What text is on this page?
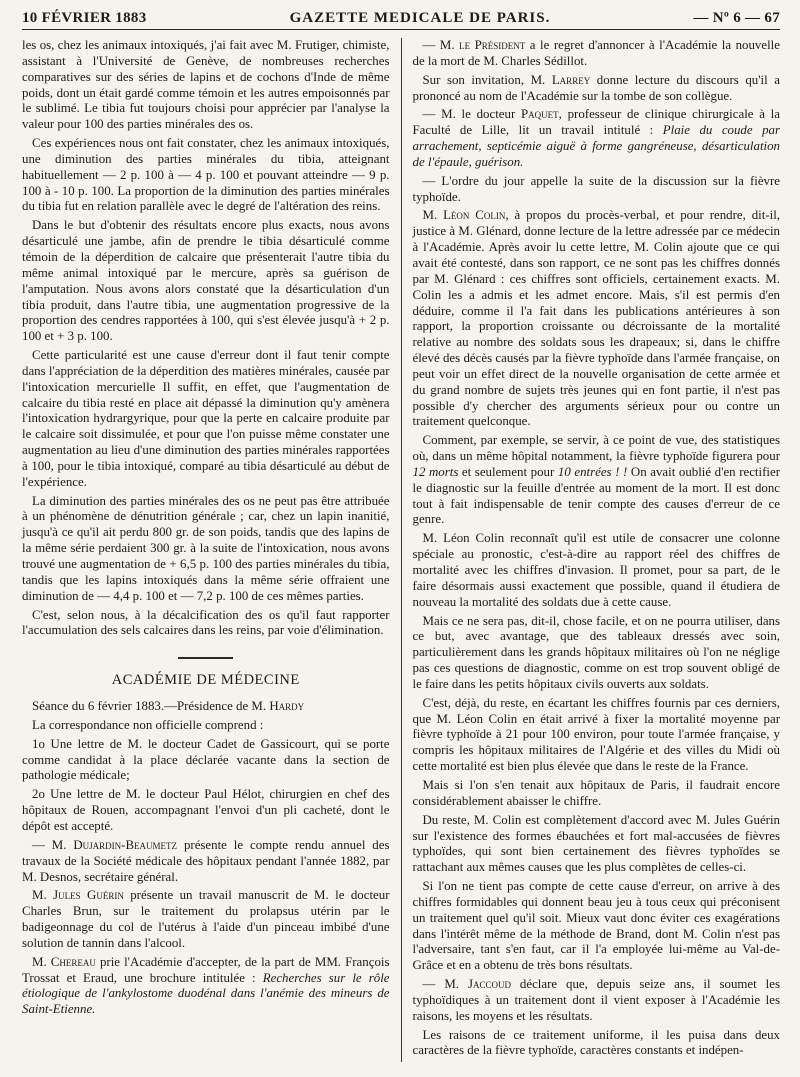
10 FÉVRIER 1883	GAZETTE MEDICALE DE PARIS.	— Nº 6 — 67

les os, chez les animaux intoxiqués, j'ai fait avec M. Frutiger, chimiste, assistant à l'Université de Genève, de nombreuses recherches comparatives sur des séries de lapins et de cochons d'Inde de même poids, dont un était gardé comme témoin et les autres empoisonnés par le sublimé. Le tibia fut toujours choisi pour apprécier par l'analyse la valeur pour 100 des parties minérales des os.

Ces expériences nous ont fait constater, chez les animaux intoxiqués, une diminution des parties minérales du tibia, atteignant habituellement — 2 p. 100 à — 4 p. 100 et pouvant atteindre — 9 p. 100 à - 10 p. 100. La proportion de la diminution des parties minérales du tibia fut en relation parallèle avec le degré de l'altération des reins.

Dans le but d'obtenir des résultats encore plus exacts, nous avons désarticulé une jambe, afin de prendre le tibia désarticulé comme témoin de la déperdition de calcaire que présenterait l'autre tibia du même animal intoxiqué par le mercure, après sa guérison de l'amputation. Nous avons alors constaté que la désarticulation d'un tibia produit, dans l'autre tibia, une augmentation progressive de la proportion des cendres rapportées à 100, qui s'est élevée jusqu'à + 2 p. 100 et + 3 p. 100.

Cette particularité est une cause d'erreur dont il faut tenir compte dans l'appréciation de la déperdition des matières minérales, causée par l'intoxication mercurielle Il suffit, en effet, que l'augmentation de calcaire du tibia resté en place ait dépassé la diminution qu'y amènera l'intoxication hydrargyrique, pour que la perte en calcaire produite par le calcaire soit dissimulée, et pour que l'on puisse même constater une augmentation au lieu d'une diminution des parties minérales rapportées à 100, pour le tibia intoxiqué, comparé au tibia désarticulé au début de l'expérience.

La diminution des parties minérales des os ne peut pas être attribuée à un phénomène de dénutrition générale ; car, chez un lapin inanitié, jusqu'à ce qu'il ait perdu 800 gr. de son poids, tandis que des lapins de la même série perdaient 300 gr. à la suite de l'intoxication, nous avons trouvé une augmentation de + 6,5 p. 100 des parties minérales du tibia, tandis que les lapins intoxiqués dans la même série offraient une diminution de — 4,4 p. 100 et — 7,2 p. 100 de ces mêmes parties.

C'est, selon nous, à la décalcification des os qu'il faut rapporter l'accumulation des sels calcaires dans les reins, par voie d'élimination.

ACADÉMIE DE MÉDECINE

Séance du 6 février 1883.—Présidence de M. Hardy

La correspondance non officielle comprend :

1o Une lettre de M. le docteur Cadet de Gassicourt, qui se porte comme candidat à la place déclarée vacante dans la section de pathologie médicale;

2o Une lettre de M. le docteur Paul Hélot, chirurgien en chef des hôpitaux de Rouen, accompagnant l'envoi d'un pli cacheté, dont le dépôt est accepté.

— M. Dujardin-Beaumetz présente le compte rendu annuel des travaux de la Société médicale des hôpitaux pendant l'année 1882, par M. Desnos, secrétaire général.

M. Jules Guérin présente un travail manuscrit de M. le docteur Charles Brun, sur le traitement du prolapsus utérin par le badigeonnage du col de l'utérus à l'aide d'un pinceau imbibé d'une solution de tannin dans l'alcool.

M. Chereau prie l'Académie d'accepter, de la part de MM. François Trossat et Eraud, une brochure intitulée : Recherches sur le rôle étiologique de l'ankylostome duodénal dans l'anémie des mineurs de Saint-Etienne.

— M. le Président a le regret d'annoncer à l'Académie la nouvelle de la mort de M. Charles Sédillot.

Sur son invitation, M. Larrey donne lecture du discours qu'il a prononcé au nom de l'Académie sur la tombe de son collègue.

— M. le docteur Paquet, professeur de clinique chirurgicale à la Faculté de Lille, lit un travail intitulé : Plaie du coude par arrachement, septicémie aiguë à forme gangréneuse, désarticulation de l'épaule, guérison.

— L'ordre du jour appelle la suite de la discussion sur la fièvre typhoïde.

M. Léon Colin, à propos du procès-verbal, et pour rendre, dit-il, justice à M. Glénard, donne lecture de la lettre adressée par ce médecin à l'Académie. Après avoir lu cette lettre, M. Colin ajoute que ce qui avait été contesté, dans son rapport, ce ne sont pas les chiffres donnés par M. Glénard : ces chiffres sont officiels, certainement exacts. M. Colin les a admis et les admet encore. Mais, s'il est permis d'en déduire, comme il l'a fait dans les publications antérieures à son rapport, la proportion croissante ou décroissante de la mortalité relative au nombre des soldats sous les drapeaux; si, dans le chiffre élevé des décès causés par la fièvre typhoïde dans l'armée française, on peut voir un effet direct de la nouvelle organisation de cette armée et du grand nombre de sujets très jeunes qui en font partie, il n'est pas possible d'y chercher des arguments sérieux pour ou contre un traitement quelconque.

Comment, par exemple, se servir, à ce point de vue, des statistiques où, dans un même hôpital notamment, la fièvre typhoïde figurera pour 12 morts et seulement pour 10 entrées ! ! On avait oublié d'en rectifier le diagnostic sur la feuille d'entrée au moment de la mort. Il est donc tout à fait indispensable de tenir compte des causes d'erreur de ce genre.

M. Léon Colin reconnaît qu'il est utile de consacrer une colonne spéciale au pronostic, c'est-à-dire au rapport réel des chiffres de mortalité avec les chiffres d'invasion. Il promet, pour sa part, de le faire désormais aussi exactement que possible, quand il étudiera de nouveau la mortalité des soldats due à cette cause.

Mais ce ne sera pas, dit-il, chose facile, et on ne pourra utiliser, dans ce but, avec avantage, que des tableaux dressés avec soin, particulièrement dans les grands hôpitaux militaires où l'on ne néglige pas ces questions de diagnostic, comme on est trop souvent obligé de le faire dans les petits hôpitaux civils ouverts aux soldats.

C'est, déjà, du reste, en écartant les chiffres fournis par ces derniers, que M. Léon Colin en était arrivé à fixer la mortalité moyenne par fièvre typhoïde à 21 pour 100 environ, pour toute l'armée française, y compris les hôpitaux militaires de l'Algérie et des villes du Midi où cette mortalité est bien plus élevée que dans le reste de la France.

Mais si l'on s'en tenait aux hôpitaux de Paris, il faudrait encore considérablement abaisser le chiffre.

Du reste, M. Colin est complètement d'accord avec M. Jules Guérin sur l'existence des formes ébauchées et fort mal-accusées de fièvres typhoïdes, qui sont bien certainement des fièvres typhoïdes se rattachant aux mêmes causes que les plus complètes de celles-ci.

Si l'on ne tient pas compte de cette cause d'erreur, on arrive à des chiffres formidables qui donnent beau jeu à tous ceux qui préconisent un traitement quel qu'il soit. Mieux vaut donc éviter ces exagérations dans l'intérêt même de la méthode de Brand, dont M. Colin n'est pas l'adversaire, tant s'en faut, car il l'a employée lui-même au Val-de-Grâce et en a obtenu de très bons résultats.

— M. Jaccoud déclare que, depuis seize ans, il soumet les typhoïdiques à un traitement dont il vient exposer à l'Académie les raisons, les moyens et les résultats.

Les raisons de ce traitement uniforme, il les puisa dans deux caractères de la fièvre typhoïde, caractères constants et indépen-
